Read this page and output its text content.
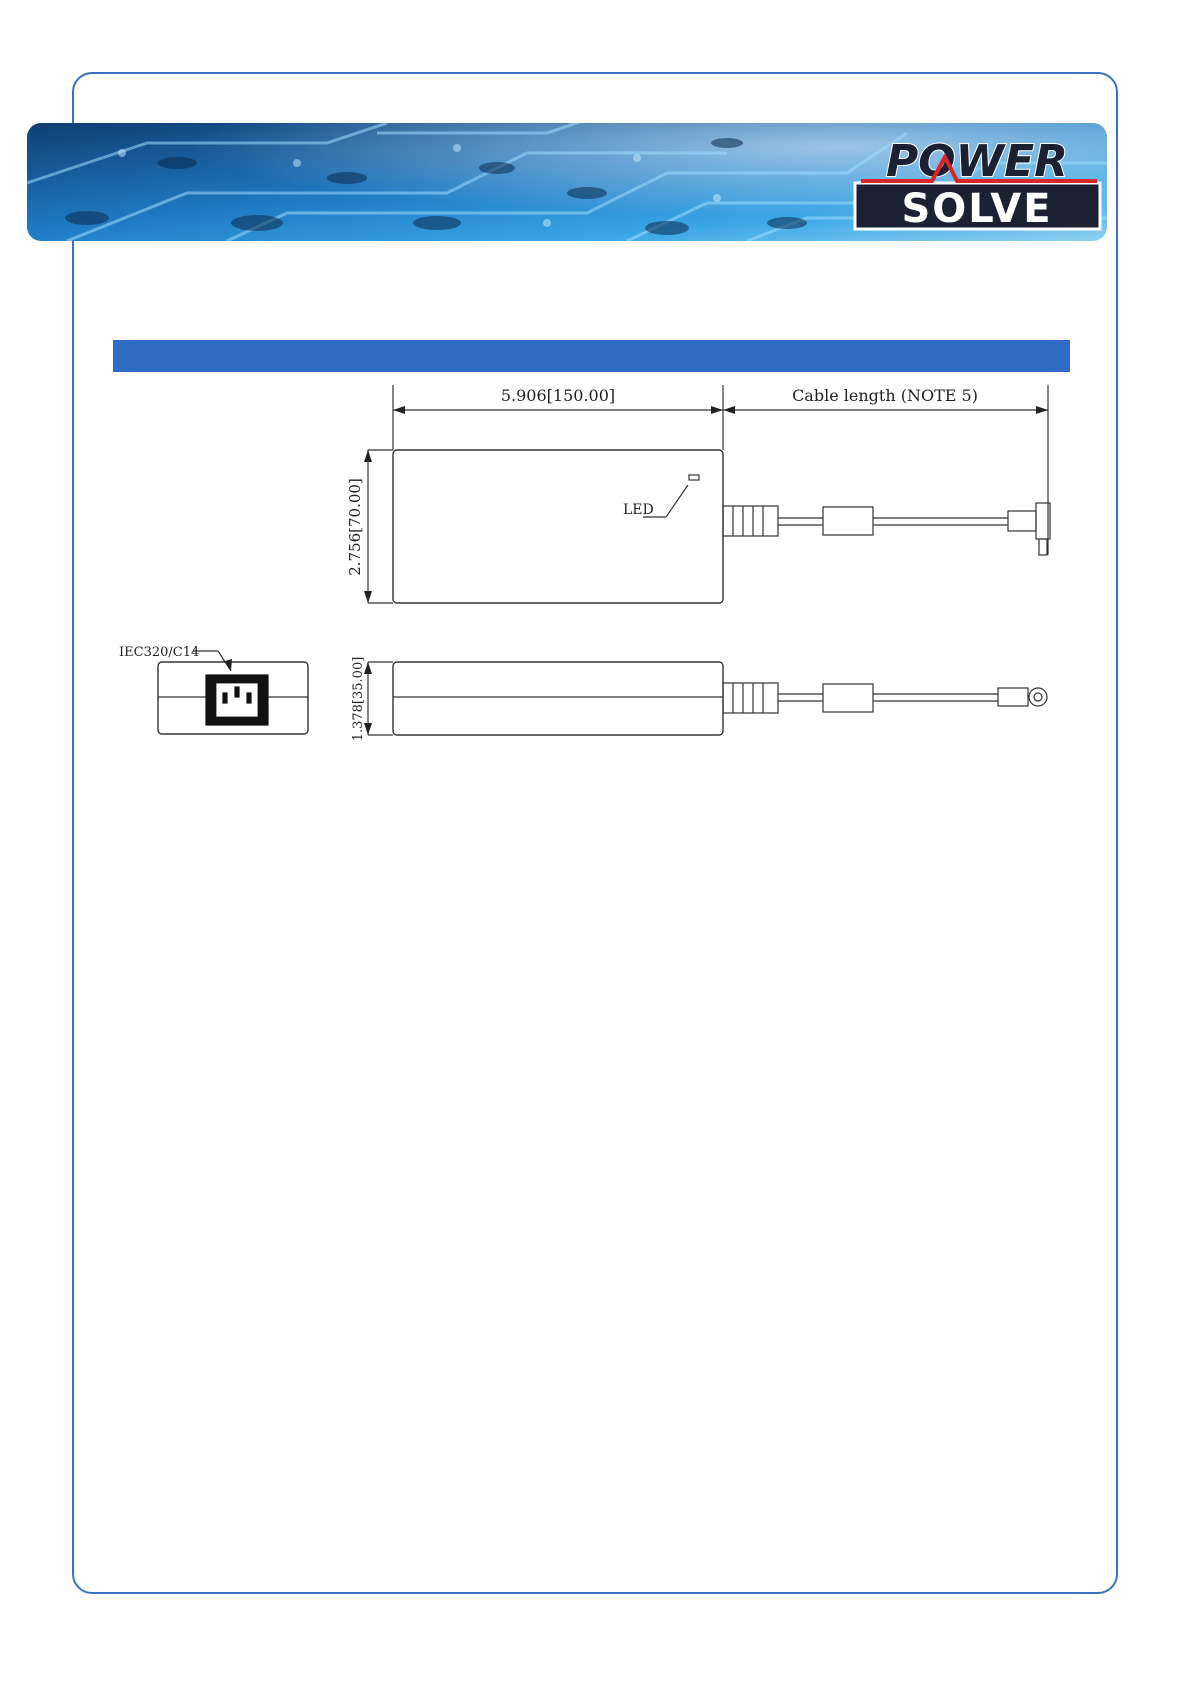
POWER
SOLVE
5.906[150.00]	Cable length (NOTE 5)
2.756[70.00]
1.378[35.00]
LED
IEC320/C14
